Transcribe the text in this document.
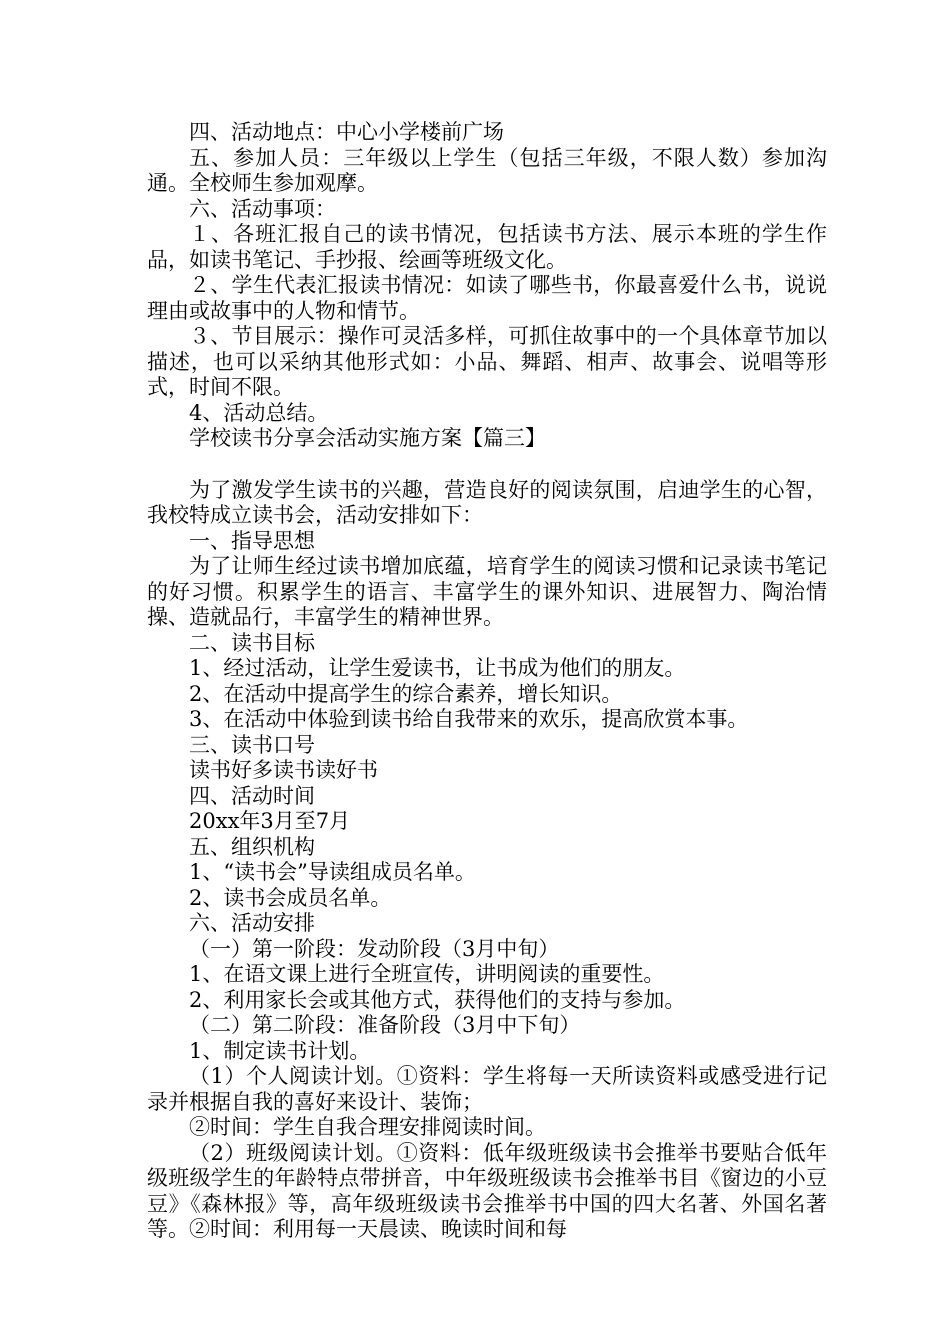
四、活动地点：中心小学楼前广场

五、参加人员：三年级以上学生（包括三年级，不限人数）参加沟通。全校师生参加观摩。

六、活动事项：

１、各班汇报自己的读书情况，包括读书方法、展示本班的学生作品，如读书笔记、手抄报、绘画等班级文化。

２、学生代表汇报读书情况：如读了哪些书，你最喜爱什么书，说说理由或故事中的人物和情节。

３、节目展示：操作可灵活多样，可抓住故事中的一个具体章节加以描述，也可以采纳其他形式如：小品、舞蹈、相声、故事会、说唱等形式，时间不限。

4、活动总结。

学校读书分享会活动实施方案【篇三】

为了激发学生读书的兴趣，营造良好的阅读氛围，启迪学生的心智，我校特成立读书会，活动安排如下：

一、指导思想

为了让师生经过读书增加底蕴，培育学生的阅读习惯和记录读书笔记的好习惯。积累学生的语言、丰富学生的课外知识、进展智力、陶治情操、造就品行，丰富学生的精神世界。

二、读书目标

1、经过活动，让学生爱读书，让书成为他们的朋友。

2、在活动中提高学生的综合素养，增长知识。

3、在活动中体验到读书给自我带来的欢乐，提高欣赏本事。

三、读书口号

读书好多读书读好书

四、活动时间

20xx年3月至7月

五、组织机构

1、“读书会”导读组成员名单。

2、读书会成员名单。

六、活动安排

（一）第一阶段：发动阶段（3月中旬）

1、在语文课上进行全班宣传，讲明阅读的重要性。

2、利用家长会或其他方式，获得他们的支持与参加。

（二）第二阶段：准备阶段（3月中下旬）

1、制定读书计划。

（1）个人阅读计划。①资料：学生将每一天所读资料或感受进行记录并根据自我的喜好来设计、装饰；

②时间：学生自我合理安排阅读时间。

（2）班级阅读计划。①资料：低年级班级读书会推举书要贴合低年级班级学生的年龄特点带拼音，中年级班级读书会推举书目《窗边的小豆豆》《森林报》等，高年级班级读书会推举书中国的四大名著、外国名著等。②时间：利用每一天晨读、晚读时间和每
